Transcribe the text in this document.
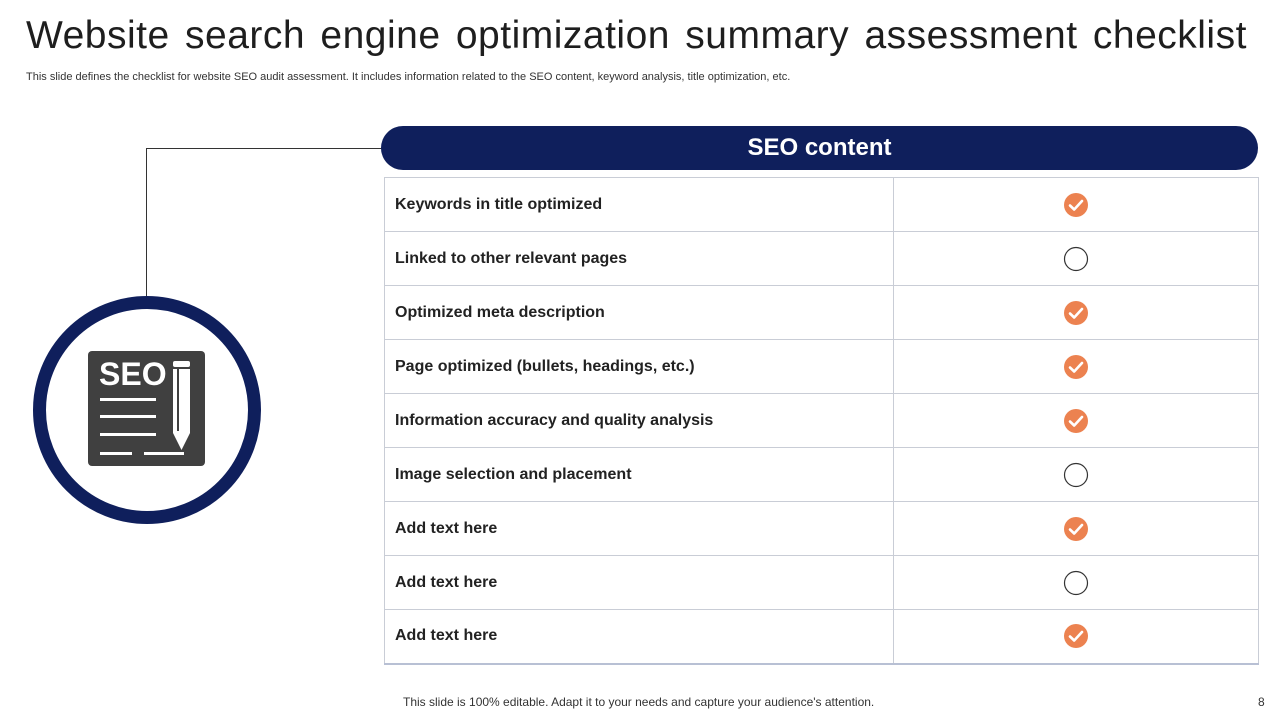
Website search engine optimization summary assessment checklist
This slide defines the checklist for website SEO audit assessment. It includes information related to the SEO content, keyword analysis, title optimization, etc.
SEO
SEO content
Keywords in title optimized	
Linked to other relevant pages	
Optimized meta description	
Page optimized (bullets, headings, etc.)	
Information accuracy and quality analysis	
Image selection and placement	
Add text here	
Add text here	
Add text here	
This slide is 100% editable. Adapt it to your needs and capture your audience's attention.	8
